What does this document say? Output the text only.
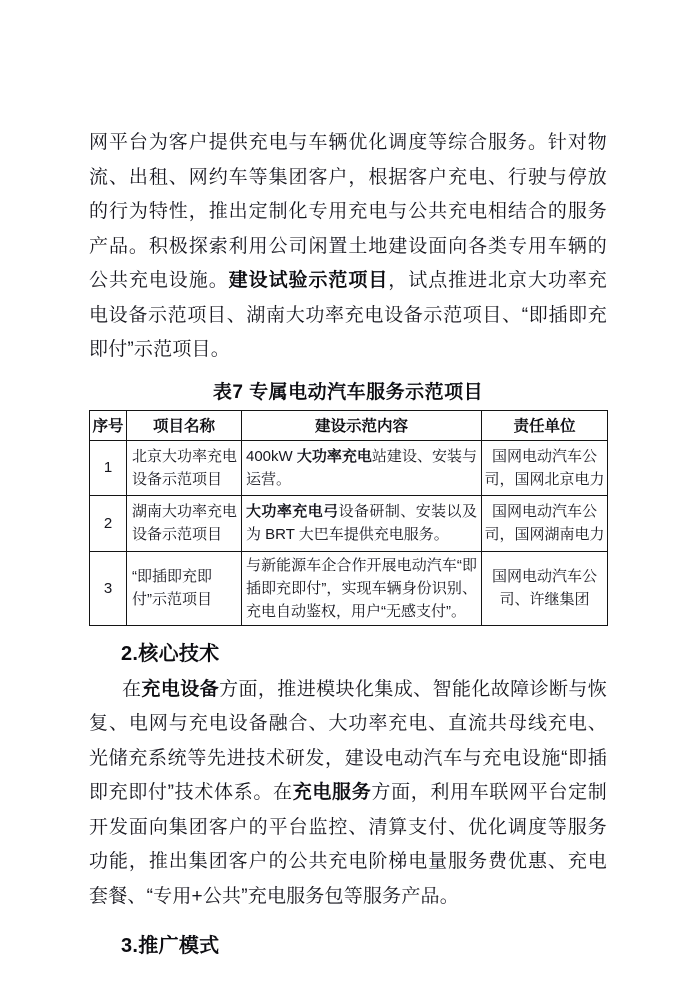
网平台为客户提供充电与车辆优化调度等综合服务。针对物流、出租、网约车等集团客户，根据客户充电、行驶与停放的行为特性，推出定制化专用充电与公共充电相结合的服务产品。积极探索利用公司闲置土地建设面向各类专用车辆的公共充电设施。建设试验示范项目，试点推进北京大功率充电设备示范项目、湖南大功率充电设备示范项目、“即插即充即付”示范项目。

表7 专属电动汽车服务示范项目
序号	项目名称	建设示范内容	责任单位
1	北京大功率充电设备示范项目	400kW 大功率充电站建设、安装与运营。	国网电动汽车公司，国网北京电力
2	湖南大功率充电设备示范项目	大功率充电弓设备研制、安装以及为 BRT 大巴车提供充电服务。	国网电动汽车公司，国网湖南电力
3	“即插即充即付”示范项目	与新能源车企合作开展电动汽车“即插即充即付”，实现车辆身份识别、充电自动鉴权，用户“无感支付”。	国网电动汽车公司、许继集团
2.核心技术

在充电设备方面，推进模块化集成、智能化故障诊断与恢复、电网与充电设备融合、大功率充电、直流共母线充电、光储充系统等先进技术研发，建设电动汽车与充电设施“即插即充即付”技术体系。在充电服务方面，利用车联网平台定制开发面向集团客户的平台监控、清算支付、优化调度等服务功能，推出集团客户的公共充电阶梯电量服务费优惠、充电套餐、“专用+公共”充电服务包等服务产品。

3.推广模式
